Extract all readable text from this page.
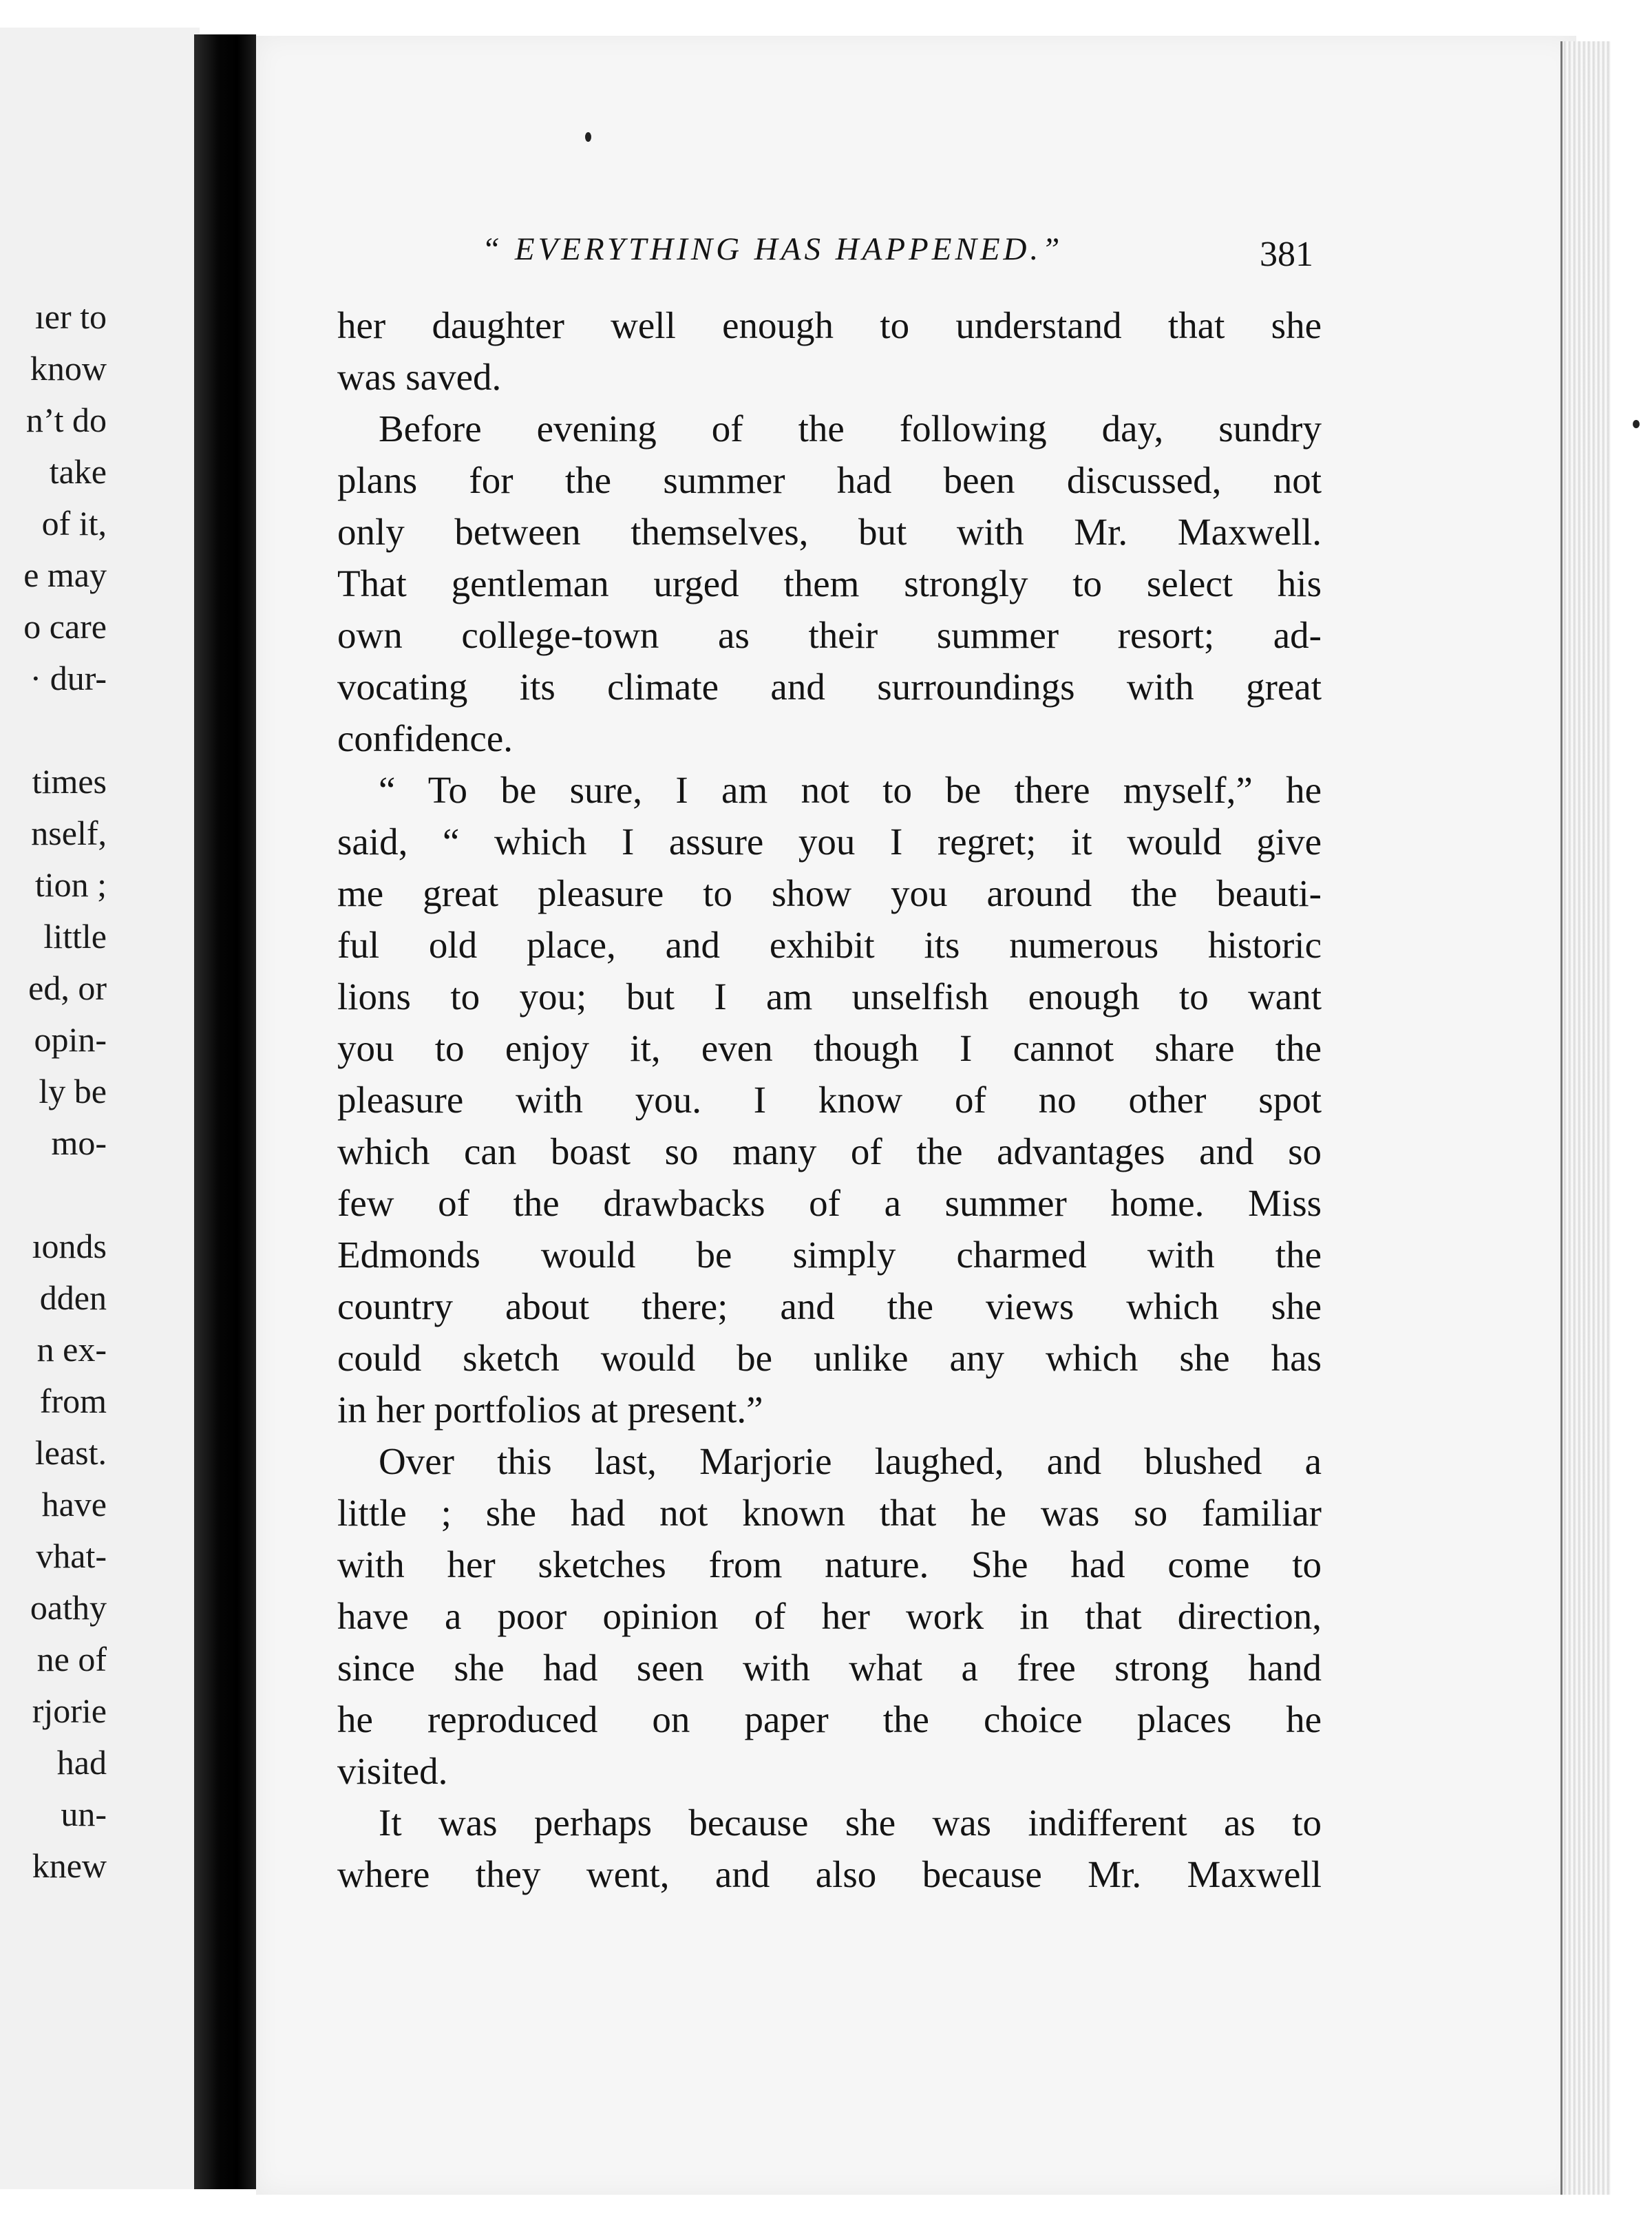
ıer to
know
n’t do
take
of it,
e may
o care
· dur-
times
nself,
tion ;
little
ed, or
opin-
ly be
mo-
ıonds
dden
n ex-
from
least.
have
vhat-
oathy
ne of
rjorie
had
un-
knew
“ EVERYTHING HAS HAPPENED.”	381
her daughter well enough to understand that she
was saved.
Before evening of the following day, sundry
plans for the summer had been discussed, not
only between themselves, but with Mr. Maxwell.
That gentleman urged them strongly to select his
own college-town as their summer resort; ad-
vocating its climate and surroundings with great
confidence.
“ To be sure, I am not to be there myself,” he
said, “ which I assure you I regret; it would give
me great pleasure to show you around the beauti-
ful old place, and exhibit its numerous historic
lions to you; but I am unselfish enough to want
you to enjoy it, even though I cannot share the
pleasure with you. I know of no other spot
which can boast so many of the advantages and so
few of the drawbacks of a summer home. Miss
Edmonds would be simply charmed with the
country about there; and the views which she
could sketch would be unlike any which she has
in her portfolios at present.”
Over this last, Marjorie laughed, and blushed a
little ; she had not known that he was so familiar
with her sketches from nature. She had come to
have a poor opinion of her work in that direction,
since she had seen with what a free strong hand
he reproduced on paper the choice places he
visited.
It was perhaps because she was indifferent as to
where they went, and also because Mr. Maxwell
